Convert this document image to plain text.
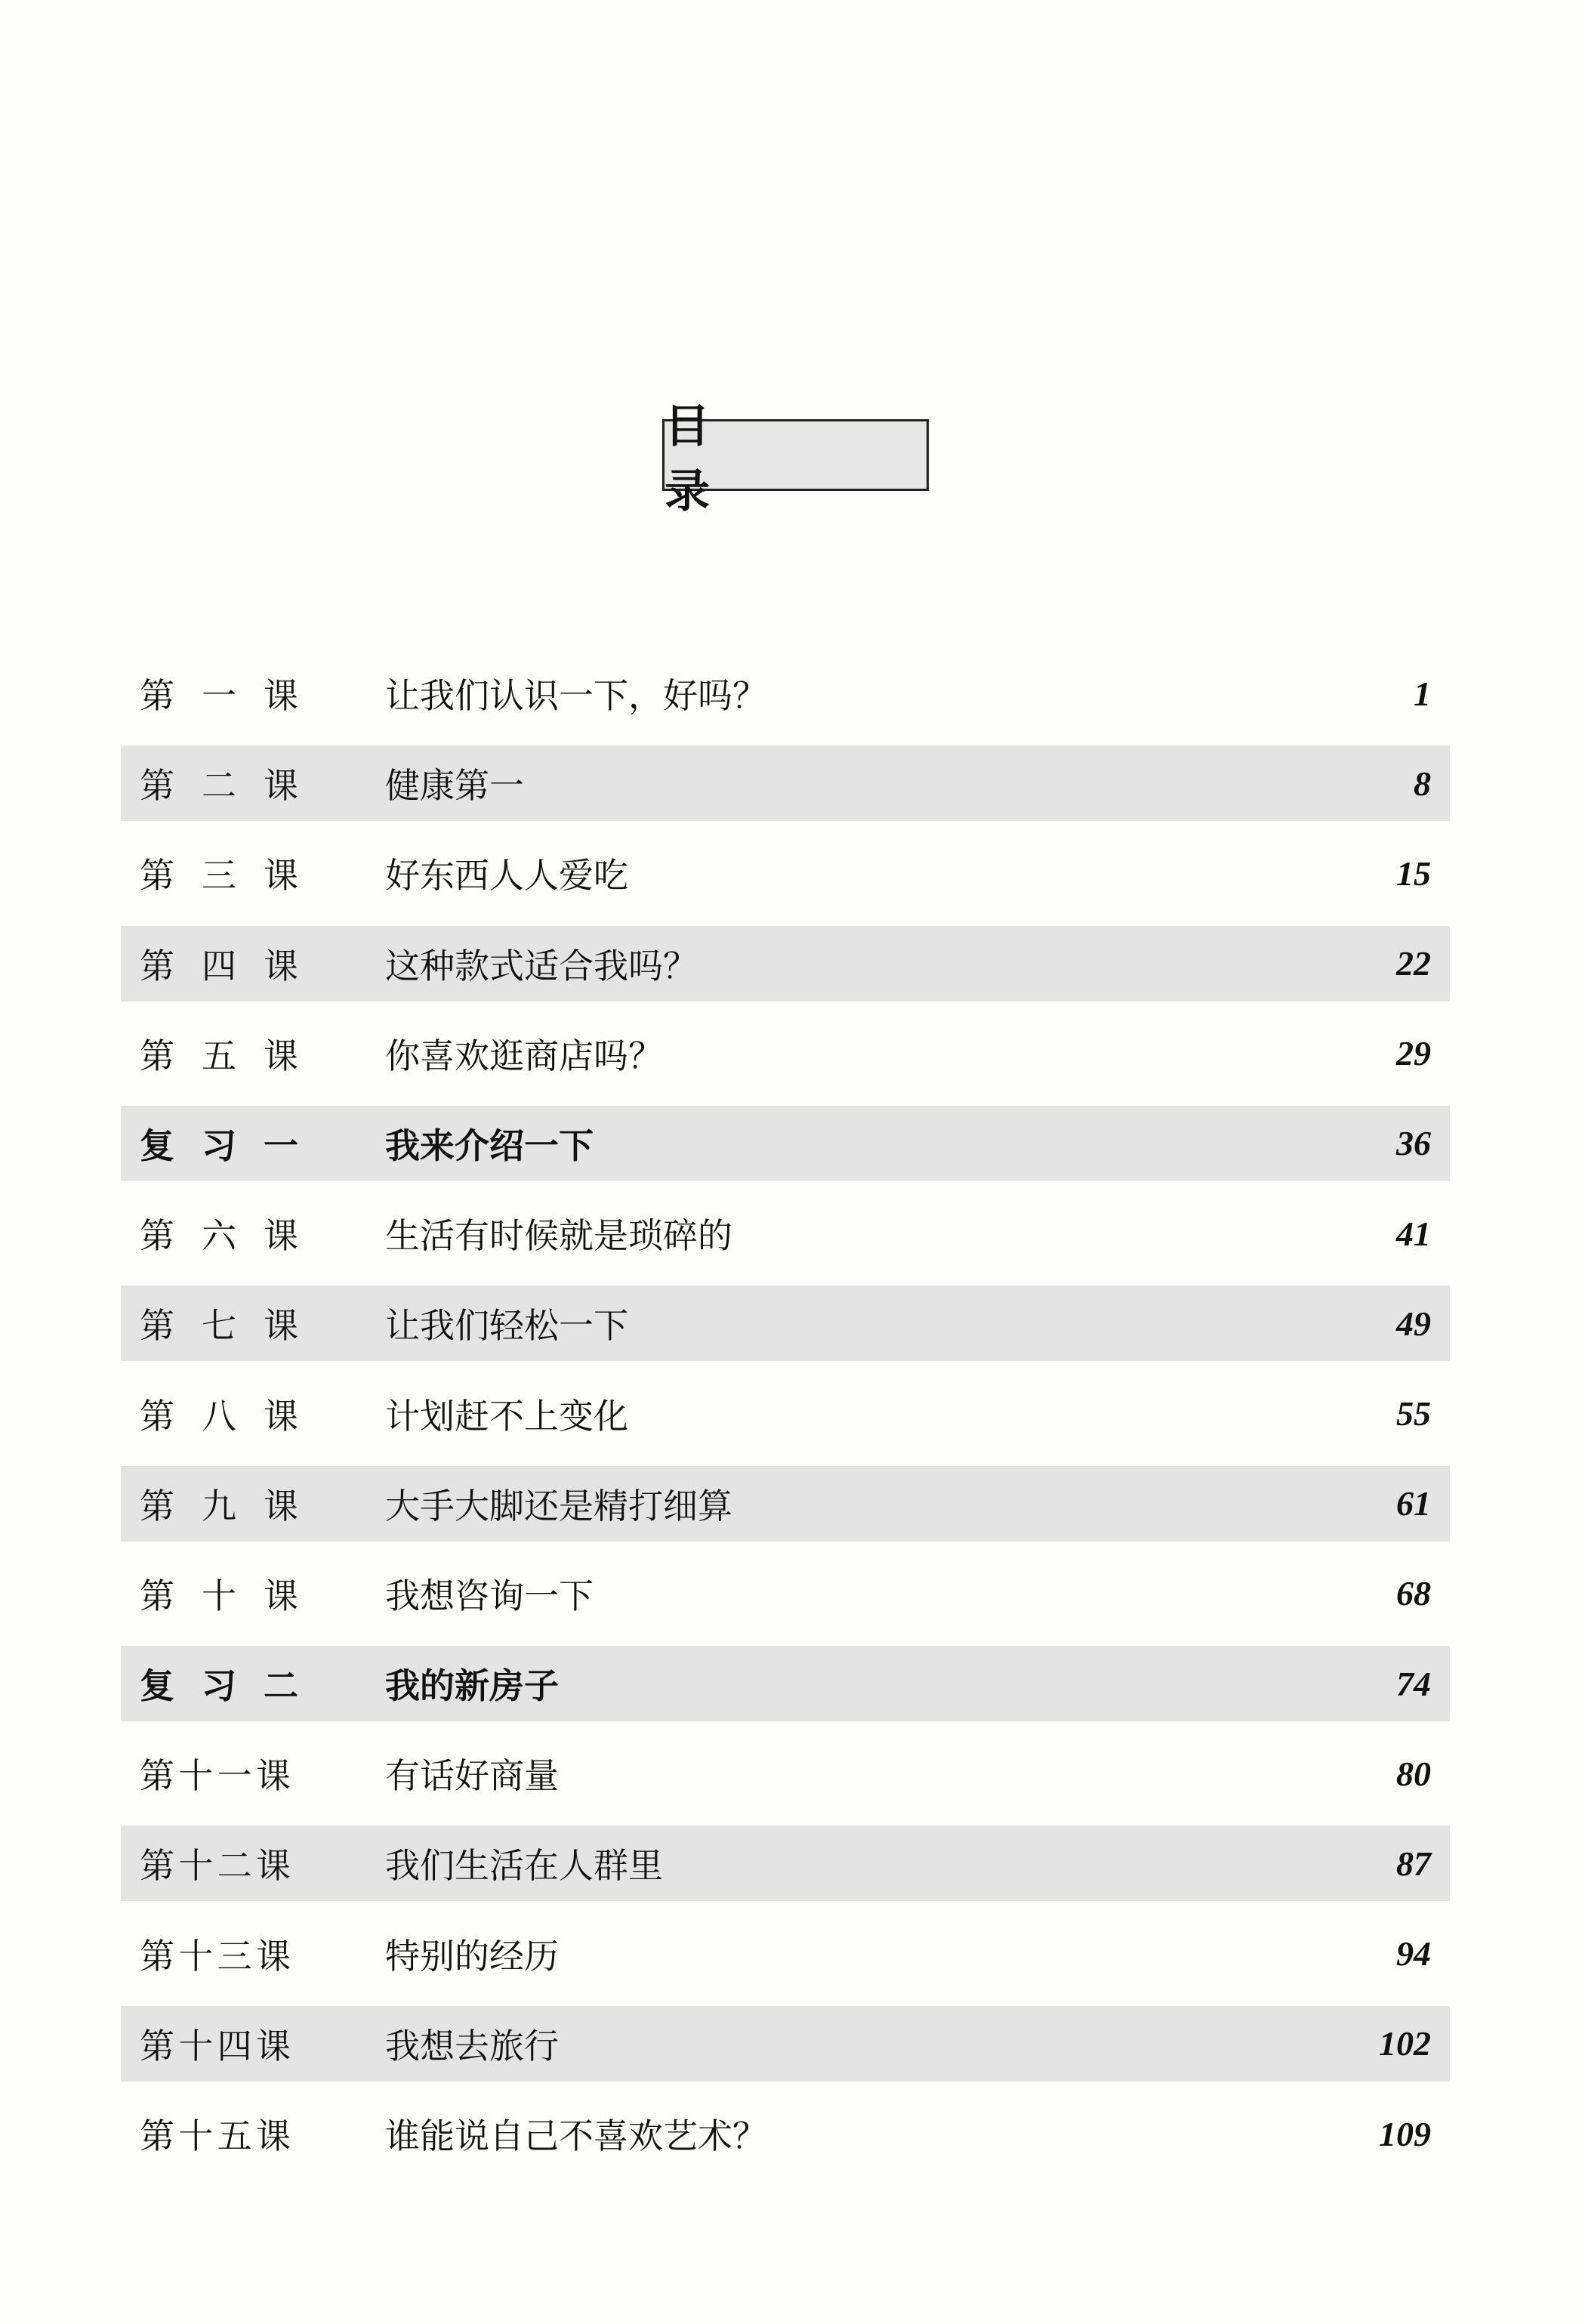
目 录
第一课	让我们认识一下，好吗？	1
第二课	健康第一	8
第三课	好东西人人爱吃	15
第四课	这种款式适合我吗？	22
第五课	你喜欢逛商店吗？	29
复习一	我来介绍一下	36
第六课	生活有时候就是琐碎的	41
第七课	让我们轻松一下	49
第八课	计划赶不上变化	55
第九课	大手大脚还是精打细算	61
第十课	我想咨询一下	68
复习二	我的新房子	74
第十一课	有话好商量	80
第十二课	我们生活在人群里	87
第十三课	特别的经历	94
第十四课	我想去旅行	102
第十五课	谁能说自己不喜欢艺术？	109
